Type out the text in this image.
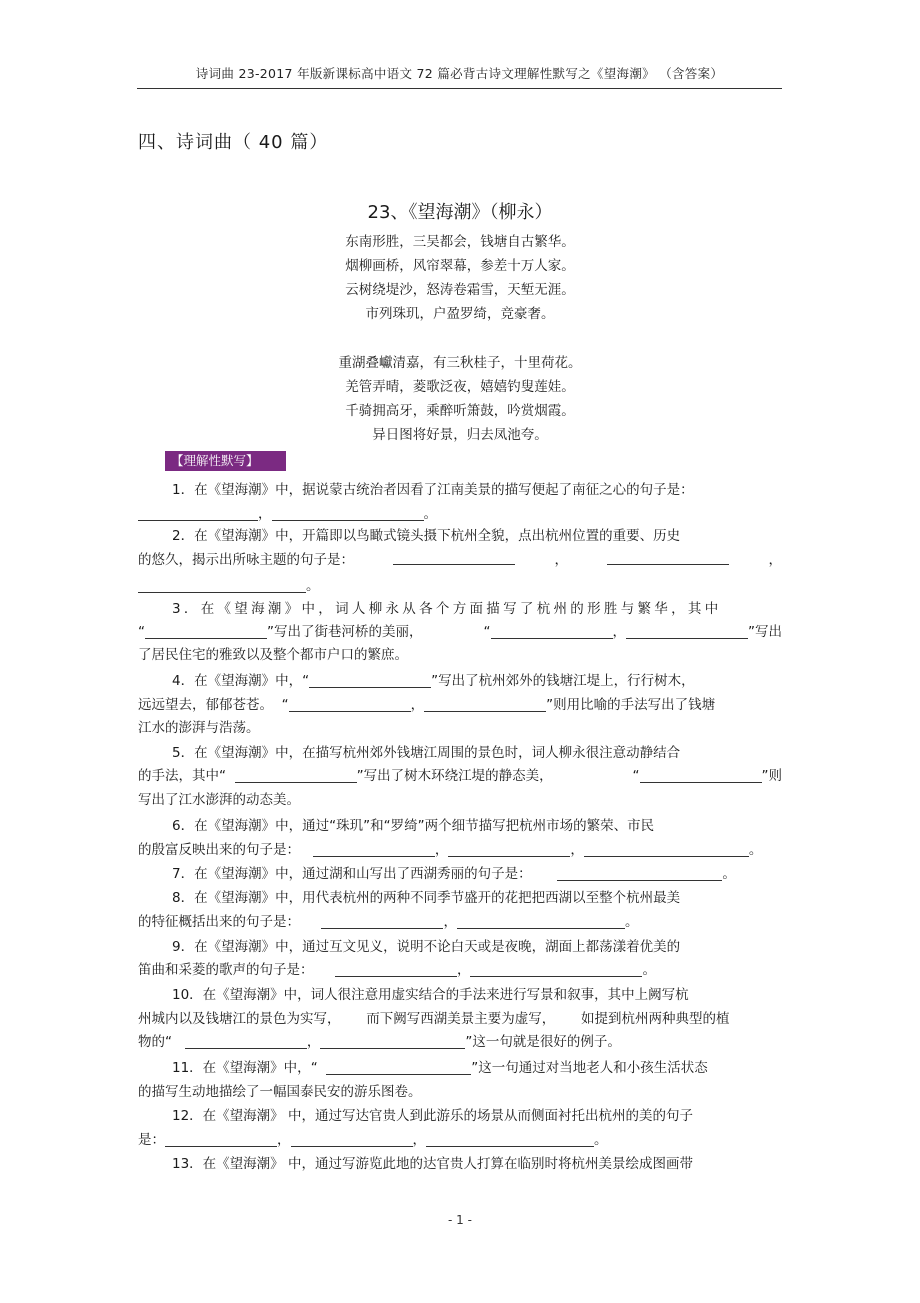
诗词曲 23-2017 年版新课标高中语文 72 篇必背古诗文理解性默写之《望海潮》 （含答案）
四、诗词曲（ 40 篇）
23、《望海潮》（柳永）
东南形胜，三吴都会，钱塘自古繁华。
烟柳画桥，风帘翠幕，参差十万人家。
云树绕堤沙，怒涛卷霜雪，天堑无涯。
市列珠玑，户盈罗绮，竞豪奢。
重湖叠巘清嘉，有三秋桂子，十里荷花。
羌管弄晴，菱歌泛夜，嬉嬉钓叟莲娃。
千骑拥高牙，乘醉听箫鼓，吟赏烟霞。
异日图将好景，归去凤池夸。
【理解性默写】
1．在《望海潮》中，据说蒙古统治者因看了江南美景的描写便起了南征之心的句子是：
，	。
2．在《望海潮》中，开篇即以鸟瞰式镜头摄下杭州全貌，点出杭州位置的重要、历史
的悠久，揭示出所咏主题的句子是：	，	，
。
3．在《望海潮》中，词人柳永从各个方面描写了杭州的形胜与繁华，其中
“	”写出了街巷河桥的美丽，	“	，	”写出
了居民住宅的雅致以及整个都市户口的繁庶。
4．在《望海潮》中，“	”写出了杭州郊外的钱塘江堤上，行行树木，
远远望去，郁郁苍苍。 “	，	”则用比喻的手法写出了钱塘
江水的澎湃与浩荡。
5．在《望海潮》中，在描写杭州郊外钱塘江周围的景色时，词人柳永很注意动静结合
的手法，其中“	”写出了树木环绕江堤的静态美，	“	”则
写出了江水澎湃的动态美。
6．在《望海潮》中，通过“珠玑”和“罗绮”两个细节描写把杭州市场的繁荣、市民
的殷富反映出来的句子是：	，	，	。
7．在《望海潮》中，通过湖和山写出了西湖秀丽的句子是：	。
8．在《望海潮》中，用代表杭州的两种不同季节盛开的花把把西湖以至整个杭州最美
的特征概括出来的句子是：	，	。
9．在《望海潮》中，通过互文见义，说明不论白天或是夜晚，湖面上都荡漾着优美的
笛曲和采菱的歌声的句子是：	，	。
10．在《望海潮》中，词人很注意用虚实结合的手法来进行写景和叙事，其中上阙写杭
州城内以及钱塘江的景色为实写， 而下阙写西湖美景主要为虚写， 如提到杭州两种典型的植
物的“	，	”这一句就是很好的例子。
11．在《望海潮》中，“	”这一句通过对当地老人和小孩生活状态
的描写生动地描绘了一幅国泰民安的游乐图卷。
12．在《望海潮》 中，通过写达官贵人到此游乐的场景从而侧面衬托出杭州的美的句子
是：	，	，	。
13．在《望海潮》 中，通过写游览此地的达官贵人打算在临别时将杭州美景绘成图画带
- 1 -
